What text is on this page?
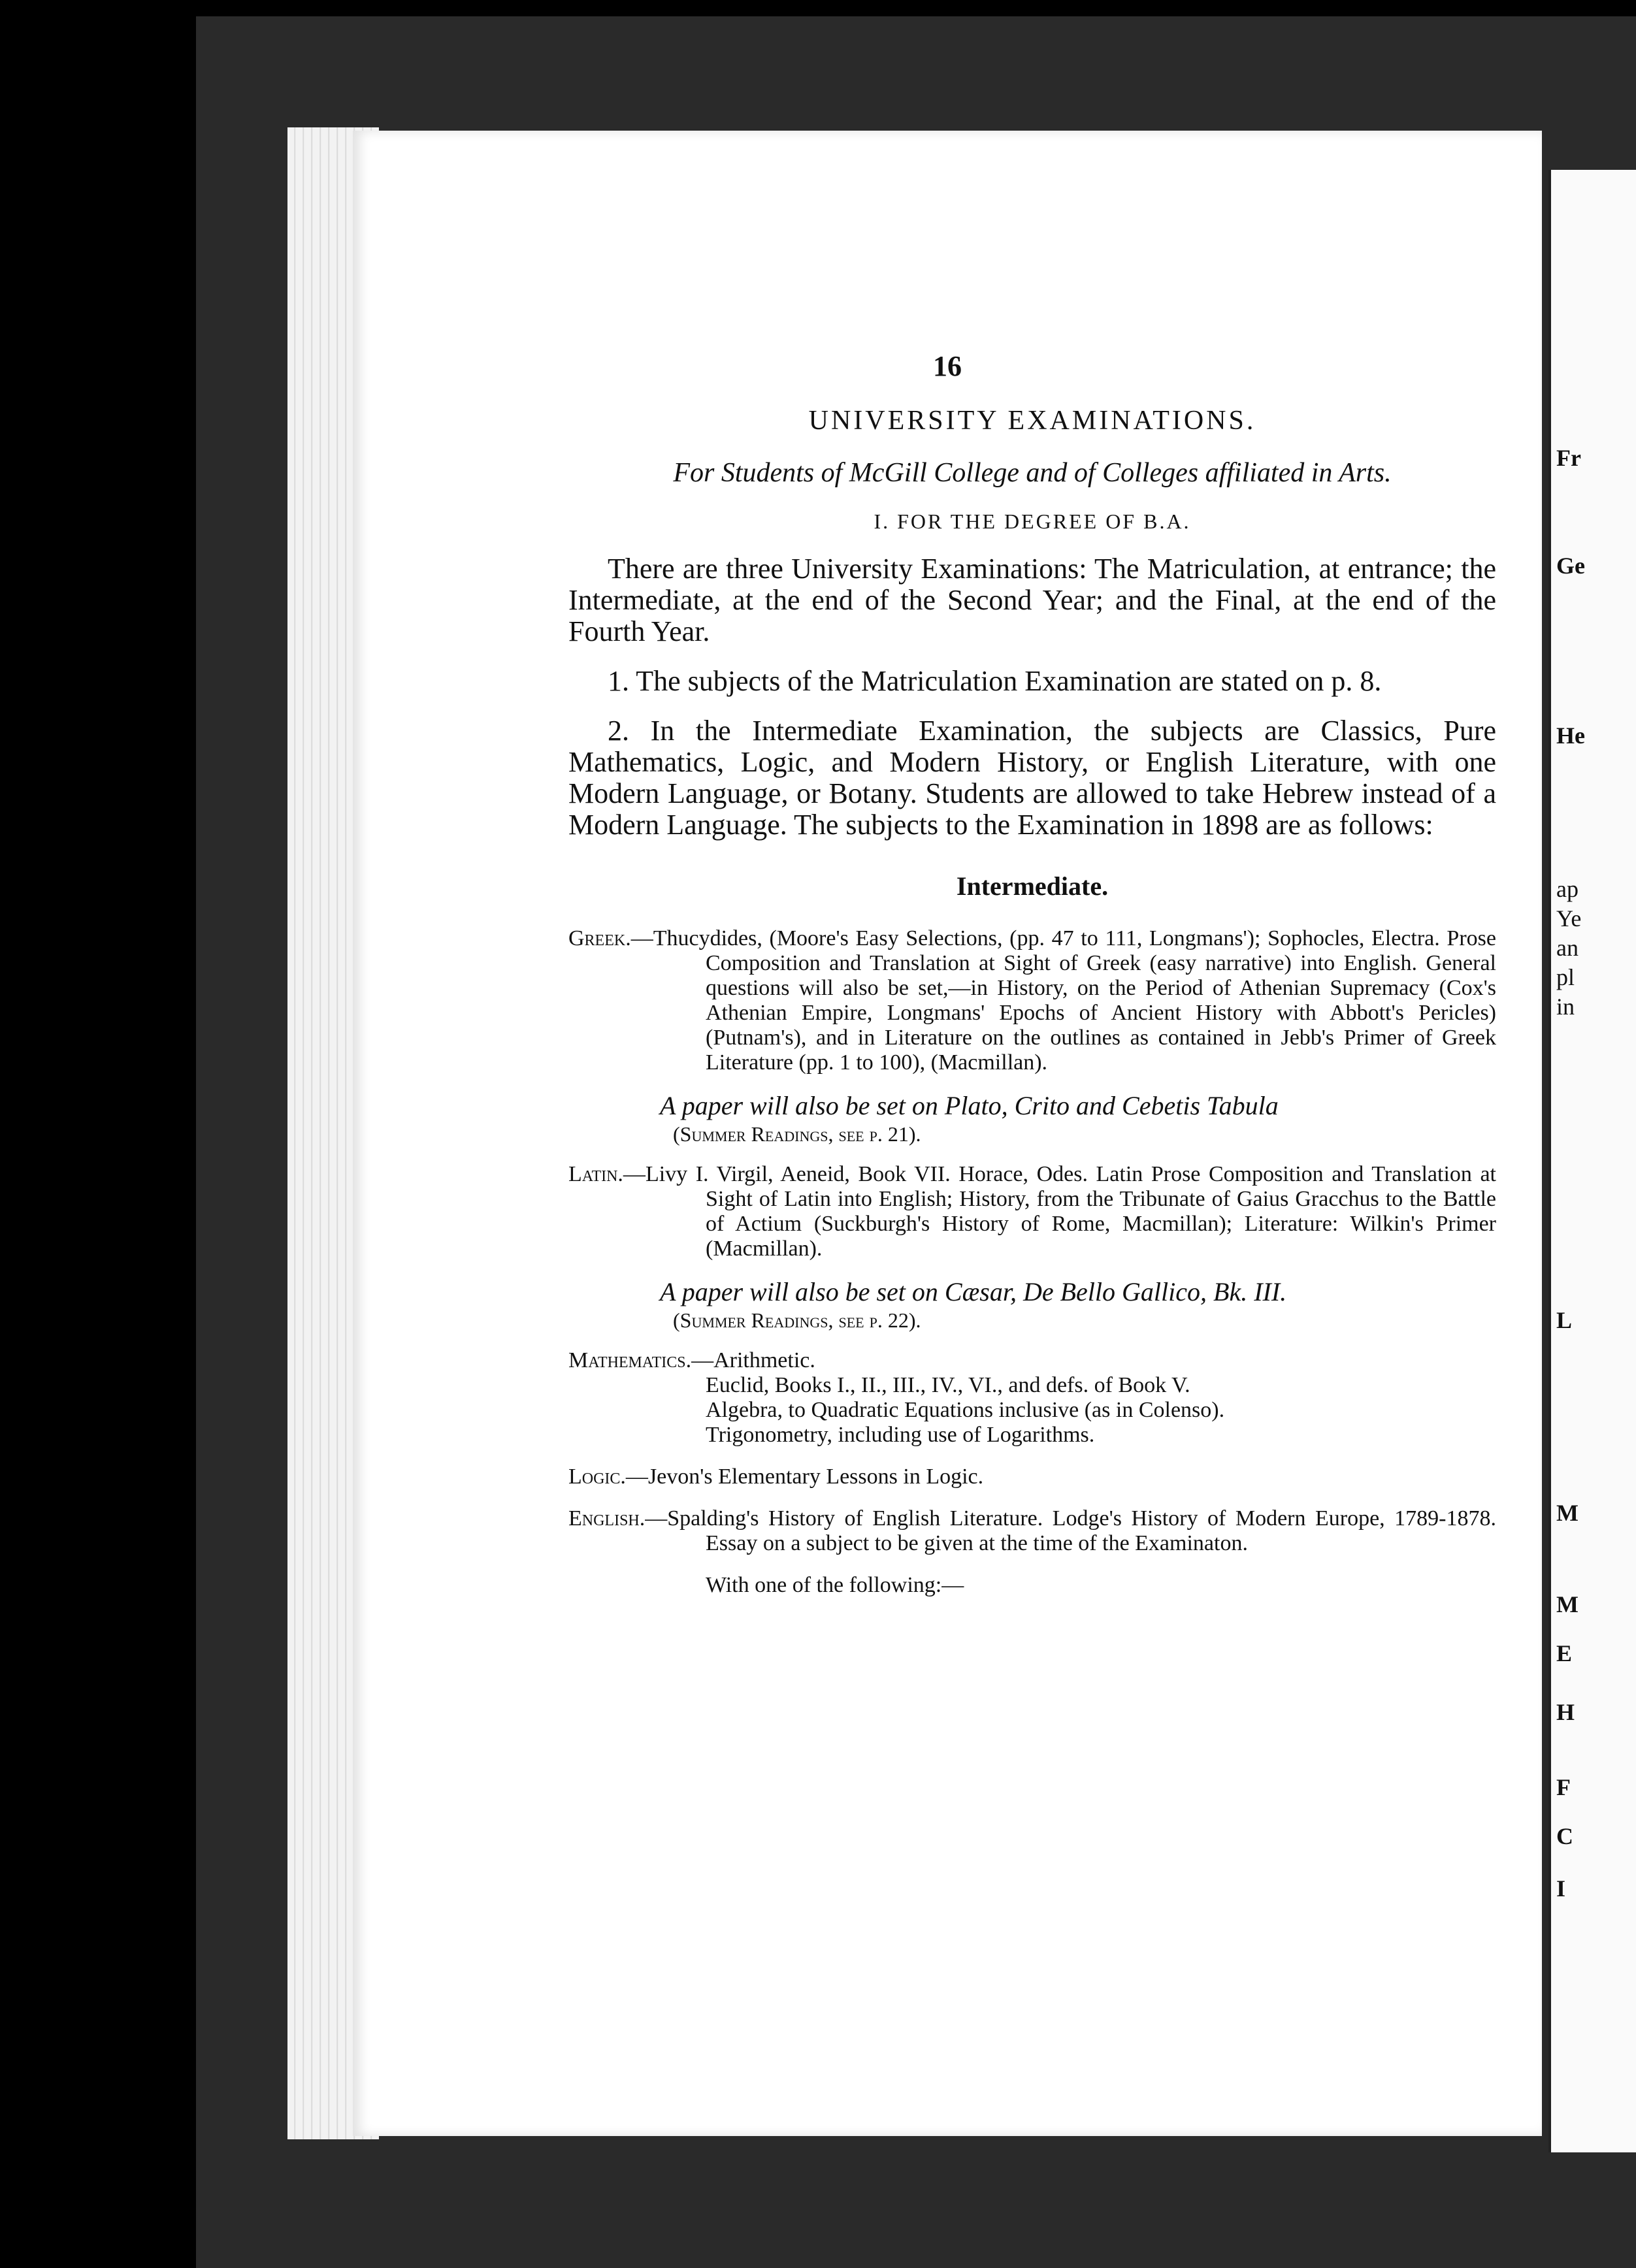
16

UNIVERSITY EXAMINATIONS.

For Students of McGill College and of Colleges affiliated in Arts.

I. FOR THE DEGREE OF B.A.

There are three University Examinations: The Matriculation, at entrance; the Intermediate, at the end of the Second Year; and the Final, at the end of the Fourth Year.

1. The subjects of the Matriculation Examination are stated on p. 8.

2. In the Intermediate Examination, the subjects are Classics, Pure Mathematics, Logic, and Modern History, or English Literature, with one Modern Language, or Botany. Students are allowed to take Hebrew instead of a Modern Language. The subjects to the Examination in 1898 are as follows:

Intermediate.

Greek.—Thucydides, (Moore's Easy Selections, (pp. 47 to 111, Longmans'); Sophocles, Electra. Prose Composition and Translation at Sight of Greek (easy narrative) into English. General questions will also be set,—in History, on the Period of Athenian Supremacy (Cox's Athenian Empire, Longmans' Epochs of Ancient History with Abbott's Pericles) (Putnam's), and in Literature on the outlines as contained in Jebb's Primer of Greek Literature (pp. 1 to 100), (Macmillan).

A paper will also be set on Plato, Crito and Cebetis Tabula

(Summer Readings, see p. 21).

Latin.—Livy I. Virgil, Aeneid, Book VII. Horace, Odes. Latin Prose Composition and Translation at Sight of Latin into English; History, from the Tribunate of Gaius Gracchus to the Battle of Actium (Suckburgh's History of Rome, Macmillan); Literature: Wilkin's Primer (Macmillan).

A paper will also be set on Cæsar, De Bello Gallico, Bk. III.

(Summer Readings, see p. 22).

Mathematics.—Arithmetic.
Euclid, Books I., II., III., IV., VI., and defs. of Book V.
Algebra, to Quadratic Equations inclusive (as in Colenso).
Trigonometry, including use of Logarithms.

Logic.—Jevon's Elementary Lessons in Logic.

English.—Spalding's History of English Literature. Lodge's History of Modern Europe, 1789-1878. Essay on a subject to be given at the time of the Examinaton.

With one of the following:—

Fr
Ge
He
ap
Ye
an
pl
in
L
M
M
E
H
F
C
I
